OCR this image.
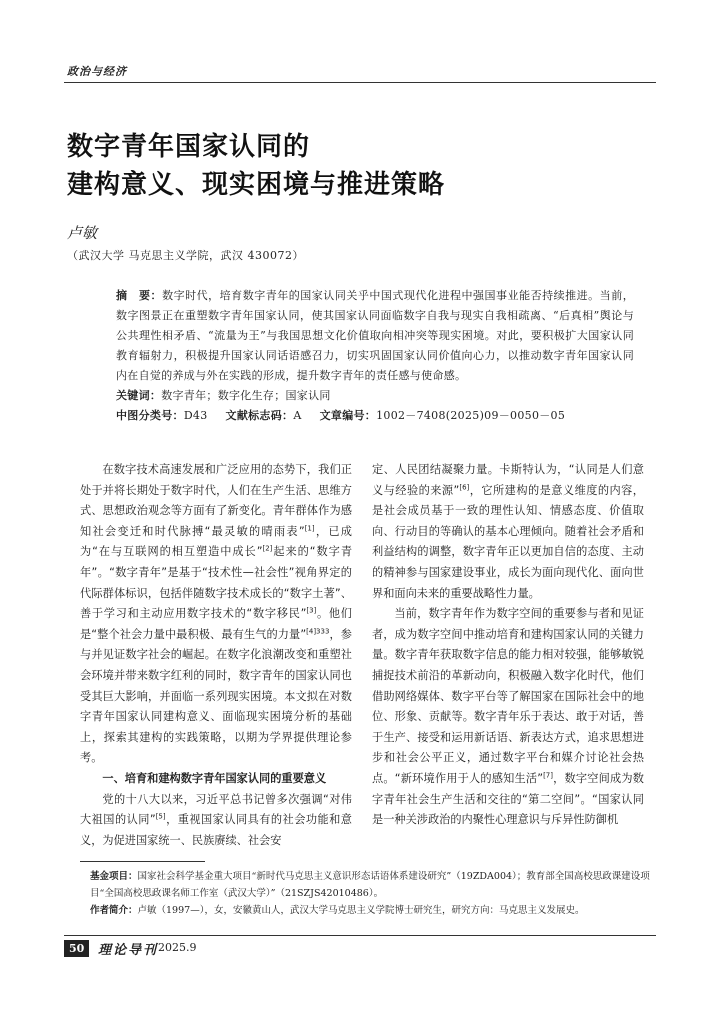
政治与经济
数字青年国家认同的
建构意义、现实困境与推进策略
卢敏
（武汉大学 马克思主义学院，武汉 430072）
摘　要：数字时代，培育数字青年的国家认同关乎中国式现代化进程中强国事业能否持续推进。当前，数字图景正在重塑数字青年国家认同，使其国家认同面临数字自我与现实自我相疏离、“后真相”舆论与公共理性相矛盾、“流量为王”与我国思想文化价值取向相冲突等现实困境。对此，要积极扩大国家认同教育辐射力，积极提升国家认同话语感召力，切实巩固国家认同价值向心力，以推动数字青年国家认同内在自觉的养成与外在实践的形成，提升数字青年的责任感与使命感。
关键词：数字青年；数字化生存；国家认同
中图分类号：D43 文献标志码：A 文章编号：1002－7408(2025)09－0050－05

在数字技术高速发展和广泛应用的态势下，我们正处于并将长期处于数字时代，人们在生产生活、思维方式、思想政治观念等方面有了新变化。青年群体作为感知社会变迁和时代脉搏“最灵敏的晴雨表”[1]，已成为“在与互联网的相互塑造中成长”[2]起来的“数字青年”。“数字青年”是基于“技术性—社会性”视角界定的代际群体标识，包括伴随数字技术成长的“数字土著”、善于学习和主动应用数字技术的“数字移民”[3]。他们是“整个社会力量中最积极、最有生气的力量”$^{[4]333}$，参与并见证数字社会的崛起。在数字化浪潮改变和重塑社会环境并带来数字红利的同时，数字青年的国家认同也受其巨大影响，并面临一系列现实困境。本文拟在对数字青年国家认同建构意义、面临现实困境分析的基础上，探索其建构的实践策略，以期为学界提供理论参考。

一、培育和建构数字青年国家认同的重要意义

党的十八大以来，习近平总书记曾多次强调“对伟大祖国的认同”[5]，重视国家认同具有的社会功能和意义，为促进国家统一、民族赓续、社会安

定、人民团结凝聚力量。卡斯特认为，“认同是人们意义与经验的来源”[6]，它所建构的是意义维度的内容，是社会成员基于一致的理性认知、情感态度、价值取向、行动目的等确认的基本心理倾向。随着社会矛盾和利益结构的调整，数字青年正以更加自信的态度、主动的精神参与国家建设事业，成长为面向现代化、面向世界和面向未来的重要战略性力量。

当前，数字青年作为数字空间的重要参与者和见证者，成为数字空间中推动培育和建构国家认同的关键力量。数字青年获取数字信息的能力相对较强，能够敏锐捕捉技术前沿的革新动向，积极融入数字化时代，他们借助网络媒体、数字平台等了解国家在国际社会中的地位、形象、贡献等。数字青年乐于表达、敢于对话，善于生产、接受和运用新话语、新表达方式，追求思想进步和社会公平正义，通过数字平台和媒介讨论社会热点。“新环境作用于人的感知生活”[7]，数字空间成为数字青年社会生产生活和交往的“第二空间”。“国家认同是一种关涉政治的内聚性心理意识与斥异性防御机

基金项目：国家社会科学基金重大项目“新时代马克思主义意识形态话语体系建设研究”（19ZDA004）；教育部全国高校思政课建设项目“全国高校思政课名师工作室（武汉大学）”（21SZJS42010486）。
作者简介：卢敏（1997—），女，安徽黄山人，武汉大学马克思主义学院博士研究生，研究方向：马克思主义发展史。
50	理论导刊 2025.9
